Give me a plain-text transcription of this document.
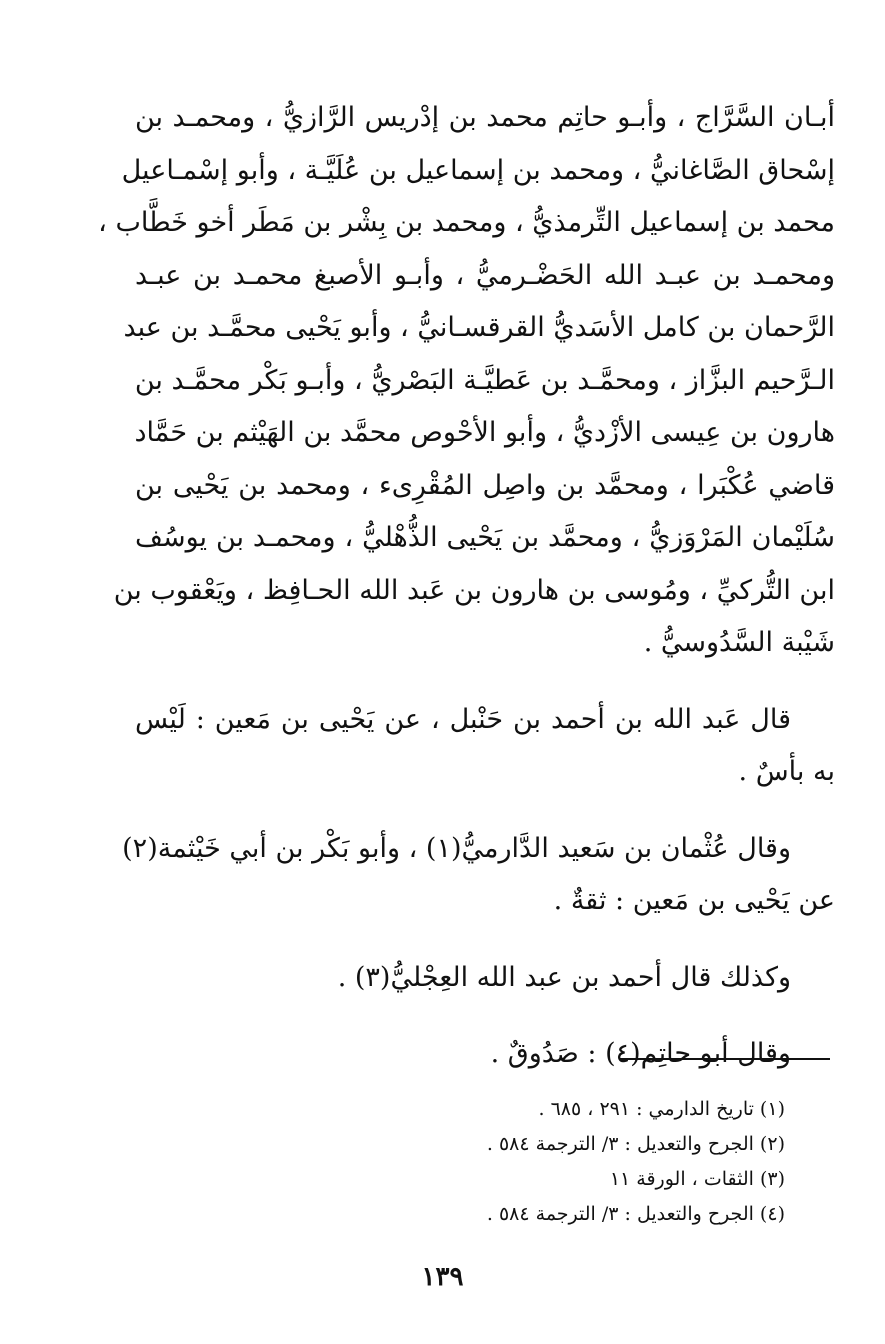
أبـان السَّرَّاج ، وأبـو حاتِم محمد بن إدْريس الرَّازيُّ ، ومحمـد بن
إسْحاق الصَّاغانيُّ ، ومحمد بن إسماعيل بن عُلَيَّـة ، وأبو إسْمـاعيل
محمد بن إسماعيل التِّرمذيُّ ، ومحمد بن بِشْر بن مَطَر أخو خَطَّاب ،
ومحمـد بن عبـد الله الحَضْـرميُّ ، وأبـو الأصبغ محمـد بن عبـد
الرَّحمان بن كامل الأسَديُّ القرقسـانيُّ ، وأبو يَحْيى محمَّـد بن عبد
الـرَّحيم البزَّاز ، ومحمَّـد بن عَطيَّـة البَصْريُّ ، وأبـو بَكْر محمَّـد بن
هارون بن عِيسى الأزْديُّ ، وأبو الأحْوص محمَّد بن الهَيْثم بن حَمَّاد
قاضي عُكْبَرا ، ومحمَّد بن واصِل المُقْرِىء ، ومحمد بن يَحْيى بن
سُلَيْمان المَرْوَزيُّ ، ومحمَّد بن يَحْيى الذُّهْليُّ ، ومحمـد بن يوسُف
ابن التُّركيِّ ، ومُوسى بن هارون بن عَبد الله الحـافِظ ، ويَعْقوب بن
شَيْبة السَّدُوسيُّ .
قال عَبد الله بن أحمد بن حَنْبل ، عن يَحْيى بن مَعين : لَيْس
به بأسٌ .
وقال عُثْمان بن سَعيد الدَّارميُّ(١) ، وأبو بَكْر بن أبي خَيْثمة(٢)
عن يَحْيى بن مَعين : ثقةٌ .
وكذلك قال أحمد بن عبد الله العِجْليُّ(٣) .
وقال أبو حاتِم(٤) : صَدُوقٌ .
(١) تاريخ الدارمي : ٢٩١ ، ٦٨٥ .
(٢) الجرح والتعديل : ٣/ الترجمة ٥٨٤ .
(٣) الثقات ، الورقة ١١
(٤) الجرح والتعديل : ٣/ الترجمة ٥٨٤ .
١٣٩
